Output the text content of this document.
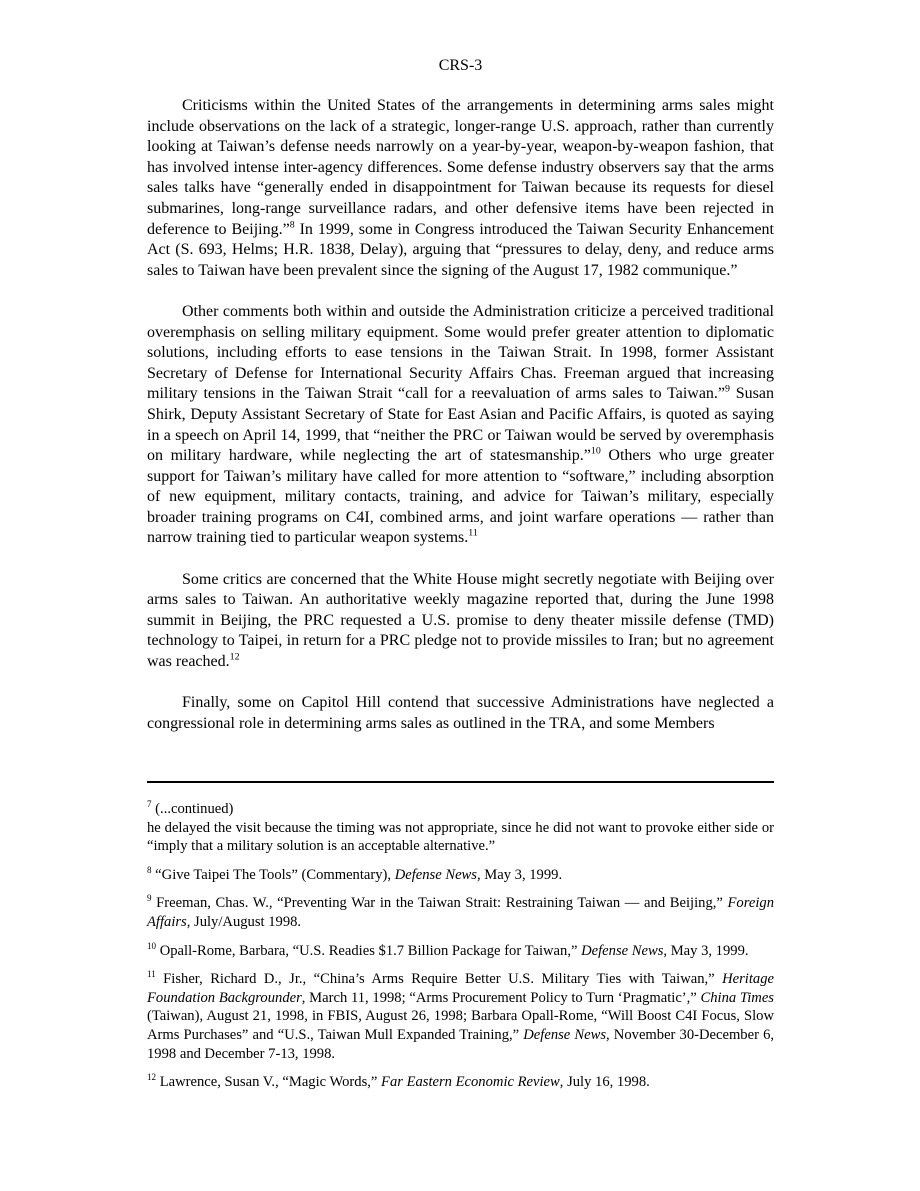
CRS-3

Criticisms within the United States of the arrangements in determining arms sales might include observations on the lack of a strategic, longer-range U.S. approach, rather than currently looking at Taiwan’s defense needs narrowly on a year-by-year, weapon-by-weapon fashion, that has involved intense inter-agency differences. Some defense industry observers say that the arms sales talks have “generally ended in disappointment for Taiwan because its requests for diesel submarines, long-range surveillance radars, and other defensive items have been rejected in deference to Beijing.”$^8$ In 1999, some in Congress introduced the Taiwan Security Enhancement Act (S. 693, Helms; H.R. 1838, Delay), arguing that “pressures to delay, deny, and reduce arms sales to Taiwan have been prevalent since the signing of the August 17, 1982 communique.”

Other comments both within and outside the Administration criticize a perceived traditional overemphasis on selling military equipment. Some would prefer greater attention to diplomatic solutions, including efforts to ease tensions in the Taiwan Strait. In 1998, former Assistant Secretary of Defense for International Security Affairs Chas. Freeman argued that increasing military tensions in the Taiwan Strait “call for a reevaluation of arms sales to Taiwan.”$^9$ Susan Shirk, Deputy Assistant Secretary of State for East Asian and Pacific Affairs, is quoted as saying in a speech on April 14, 1999, that “neither the PRC or Taiwan would be served by overemphasis on military hardware, while neglecting the art of statesmanship.”$^{10}$ Others who urge greater support for Taiwan’s military have called for more attention to “software,” including absorption of new equipment, military contacts, training, and advice for Taiwan’s military, especially broader training programs on C4I, combined arms, and joint warfare operations — rather than narrow training tied to particular weapon systems.$^{11}$

Some critics are concerned that the White House might secretly negotiate with Beijing over arms sales to Taiwan. An authoritative weekly magazine reported that, during the June 1998 summit in Beijing, the PRC requested a U.S. promise to deny theater missile defense (TMD) technology to Taipei, in return for a PRC pledge not to provide missiles to Iran; but no agreement was reached.$^{12}$

Finally, some on Capitol Hill contend that successive Administrations have neglected a congressional role in determining arms sales as outlined in the TRA, and some Members

$^7$ (...continued)
he delayed the visit because the timing was not appropriate, since he did not want to provoke either side or “imply that a military solution is an acceptable alternative.”
$^8$ “Give Taipei The Tools” (Commentary), Defense News, May 3, 1999.
$^9$ Freeman, Chas. W., “Preventing War in the Taiwan Strait: Restraining Taiwan — and Beijing,” Foreign Affairs, July/August 1998.
$^{10}$ Opall-Rome, Barbara, “U.S. Readies $1.7 Billion Package for Taiwan,” Defense News, May 3, 1999.
$^{11}$ Fisher, Richard D., Jr., “China’s Arms Require Better U.S. Military Ties with Taiwan,” Heritage Foundation Backgrounder, March 11, 1998; “Arms Procurement Policy to Turn ‘Pragmatic’,” China Times (Taiwan), August 21, 1998, in FBIS, August 26, 1998; Barbara Opall-Rome, “Will Boost C4I Focus, Slow Arms Purchases” and “U.S., Taiwan Mull Expanded Training,” Defense News, November 30-December 6, 1998 and December 7-13, 1998.
$^{12}$ Lawrence, Susan V., “Magic Words,” Far Eastern Economic Review, July 16, 1998.
